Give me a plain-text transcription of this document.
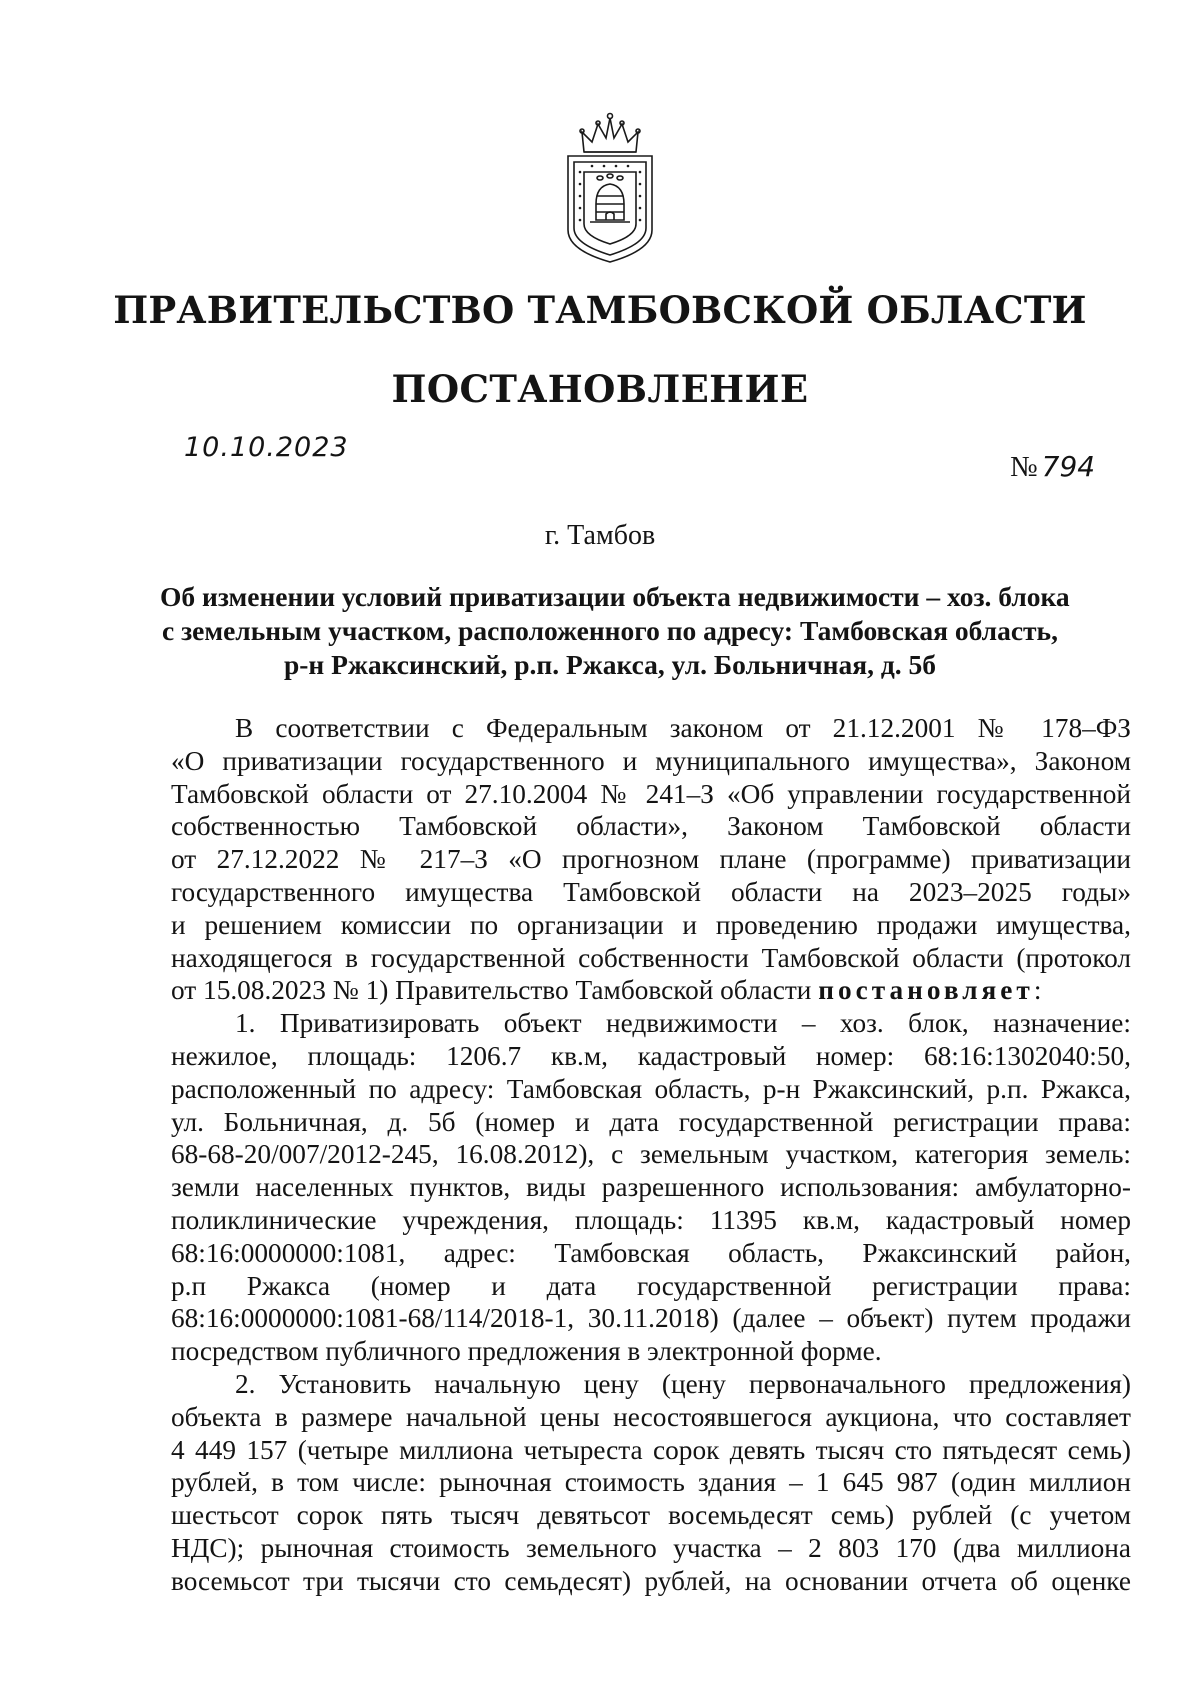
ПРАВИТЕЛЬСТВО ТАМБОВСКОЙ ОБЛАСТИ
ПОСТАНОВЛЕНИЕ
10.10.2023
№ 794
г. Тамбов
Об изменении условий приватизации объекта недвижимости – хоз. блока
с земельным участком, расположенного по адресу: Тамбовская область,
р-н Ржаксинский, р.п. Ржакса, ул. Больничная, д. 5б
В соответствии с Федеральным законом от 21.12.2001 № 178–ФЗ
«О приватизации государственного и муниципального имущества», Законом
Тамбовской области от 27.10.2004 № 241–З «Об управлении государственной
собственностью Тамбовской области», Законом Тамбовской области
от 27.12.2022 № 217–З «О прогнозном плане (программе) приватизации
государственного имущества Тамбовской области на 2023–2025 годы»
и решением комиссии по организации и проведению продажи имущества,
находящегося в государственной собственности Тамбовской области (протокол
от 15.08.2023 № 1) Правительство Тамбовской области постановляет:
1. Приватизировать объект недвижимости – хоз. блок, назначение:
нежилое, площадь: 1206.7 кв.м, кадастровый номер: 68:16:1302040:50,
расположенный по адресу: Тамбовская область, р-н Ржаксинский, р.п. Ржакса,
ул. Больничная, д. 5б (номер и дата государственной регистрации права:
68-68-20/007/2012-245, 16.08.2012), с земельным участком, категория земель:
земли населенных пунктов, виды разрешенного использования: амбулаторно-
поликлинические учреждения, площадь: 11395 кв.м, кадастровый номер
68:16:0000000:1081, адрес: Тамбовская область, Ржаксинский район,
р.п Ржакса (номер и дата государственной регистрации права:
68:16:0000000:1081-68/114/2018-1, 30.11.2018) (далее – объект) путем продажи
посредством публичного предложения в электронной форме.
2. Установить начальную цену (цену первоначального предложения)
объекта в размере начальной цены несостоявшегося аукциона, что составляет
4 449 157 (четыре миллиона четыреста сорок девять тысяч сто пятьдесят семь)
рублей, в том числе: рыночная стоимость здания – 1 645 987 (один миллион
шестьсот сорок пять тысяч девятьсот восемьдесят семь) рублей (с учетом
НДС); рыночная стоимость земельного участка – 2 803 170 (два миллиона
восемьсот три тысячи сто семьдесят) рублей, на основании отчета об оценке
